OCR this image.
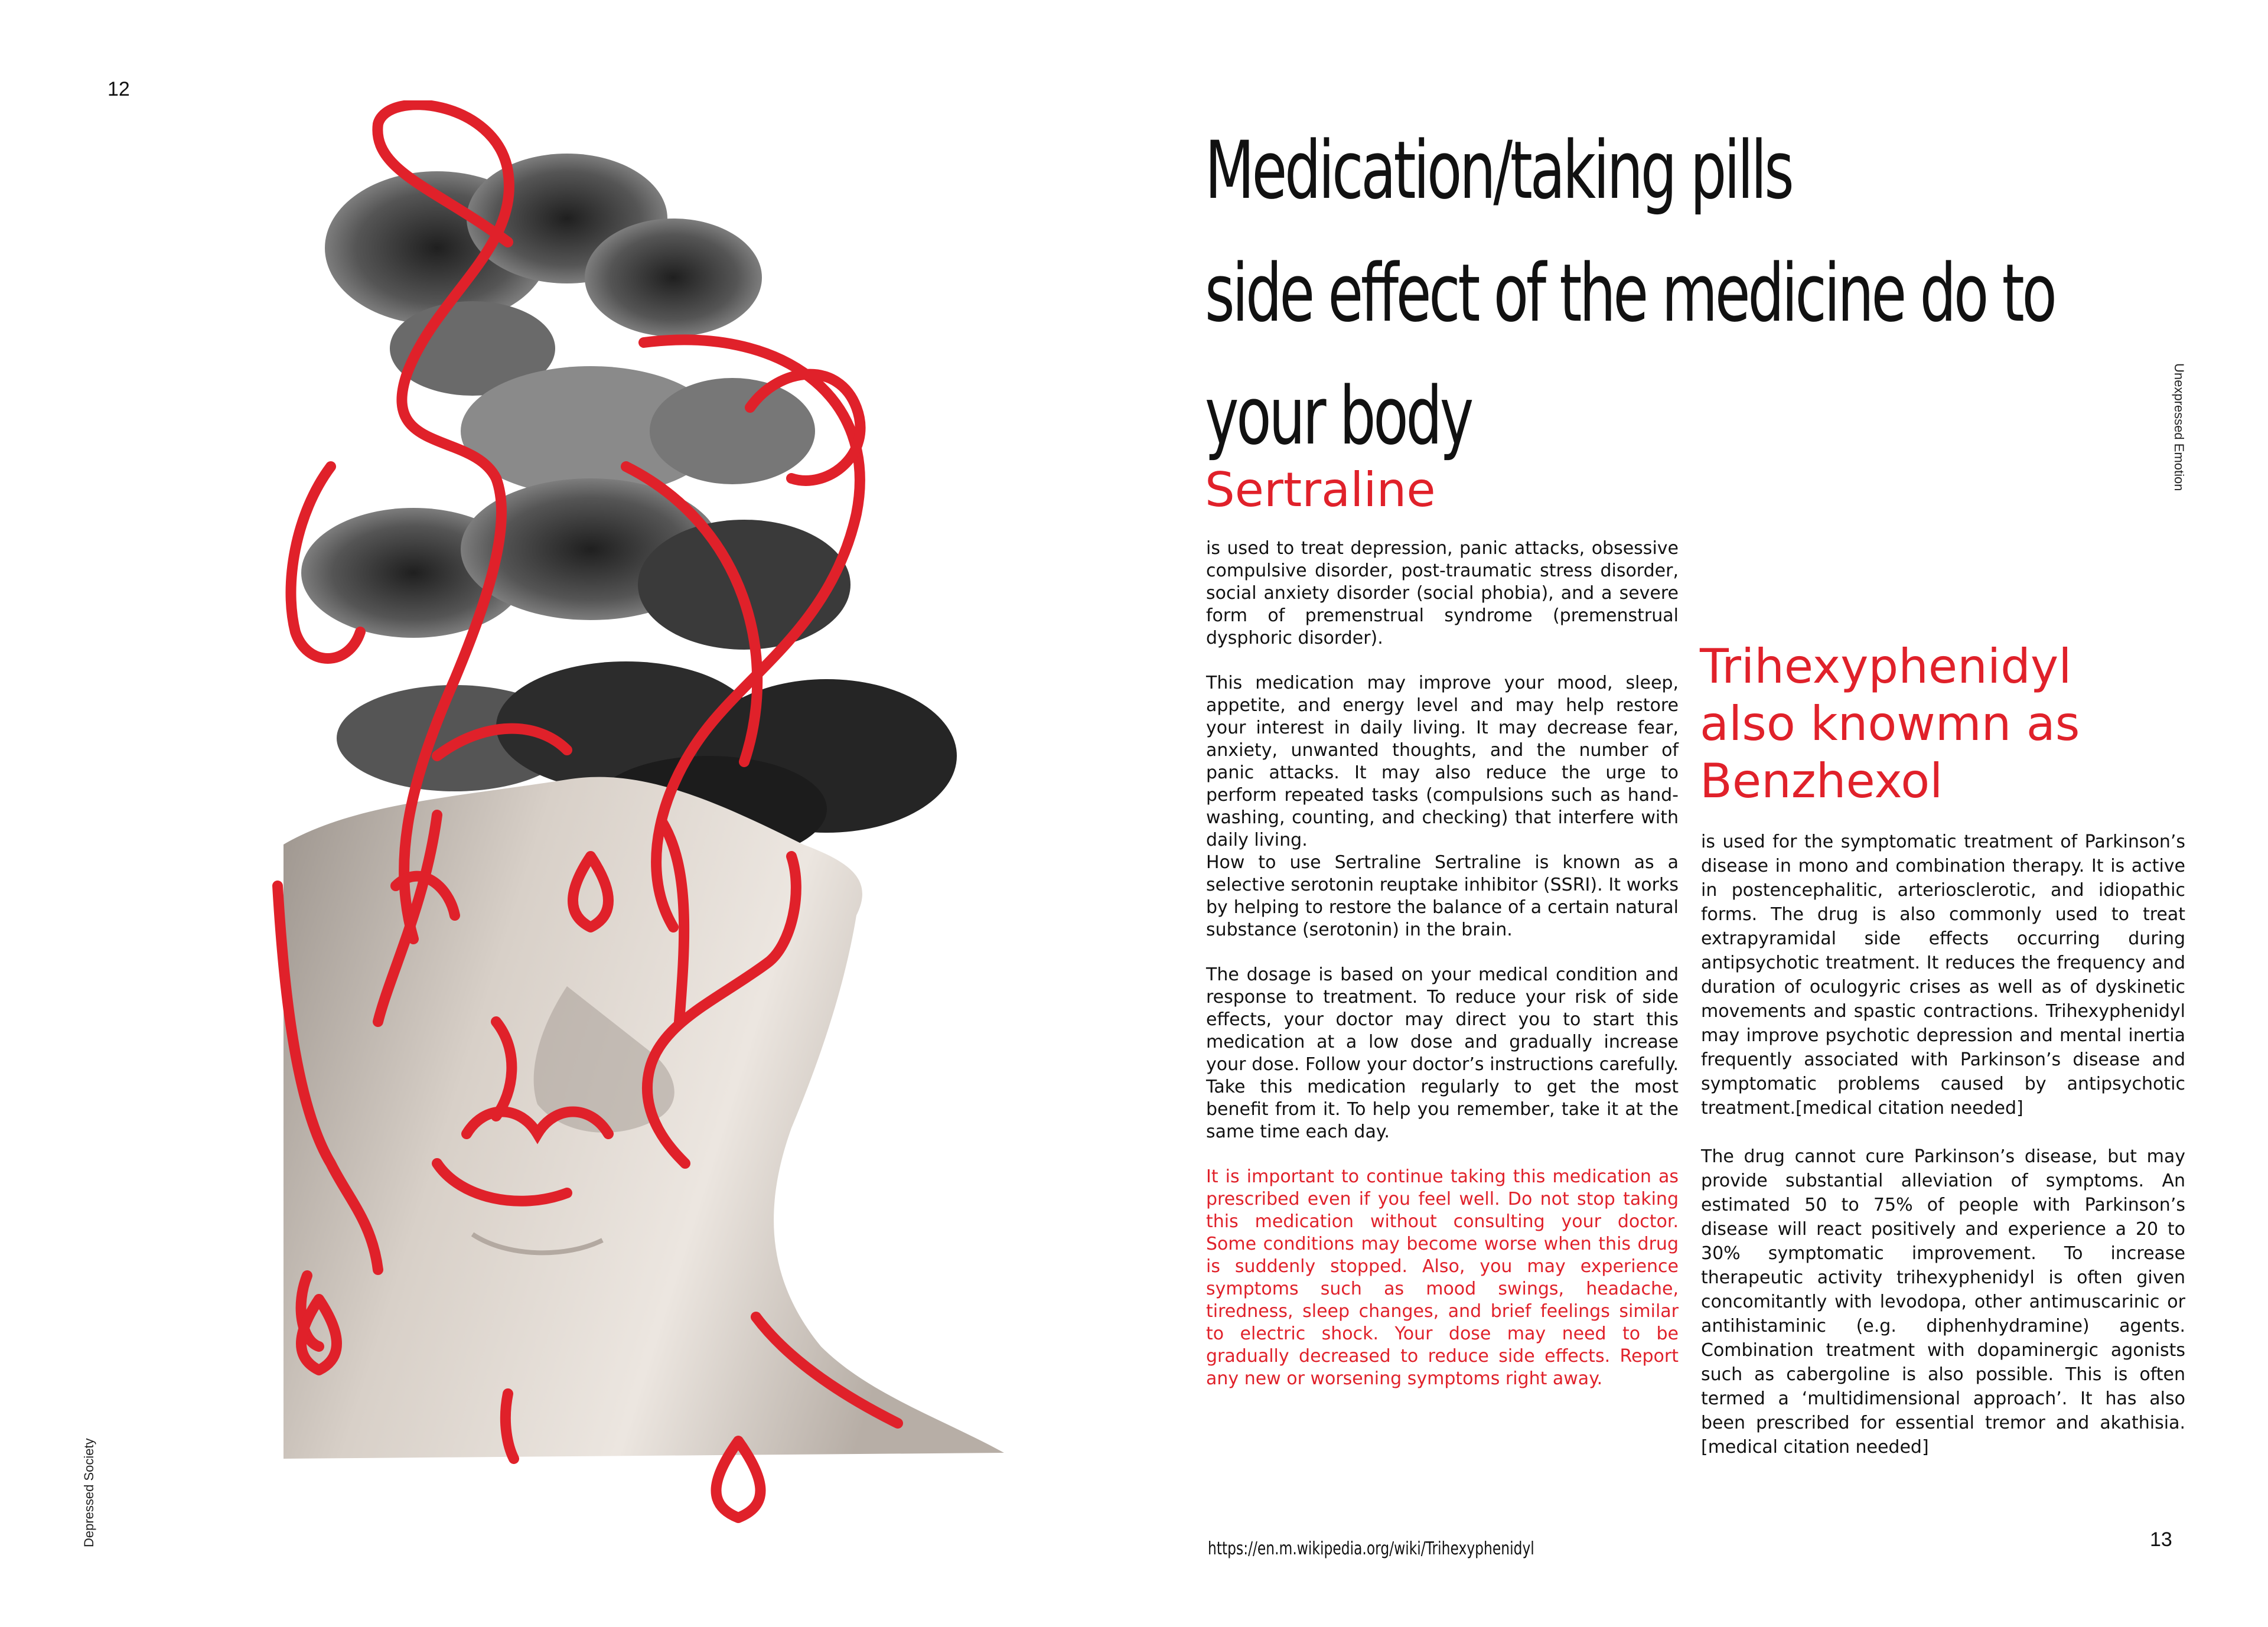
12
Depressed Society
Medication/taking pills
side effect of the medicine do to
your body	Unexpressed Emotion
Sertraline

is used to treat depression, panic attacks, obsessive compulsive disorder, post-traumatic stress disorder, social anxiety disorder (social phobia), and a severe form of premenstrual syndrome (premenstrual dysphoric disorder).

This medication may improve your mood, sleep, appetite, and energy level and may help restore your interest in daily living. It may decrease fear, anxiety, unwanted thoughts, and the number of panic attacks. It may also reduce the urge to perform repeated tasks (compulsions such as hand-washing, counting, and checking) that interfere with daily living.
How to use Sertraline Sertraline is known as a selective serotonin reuptake inhibitor (SSRI). It works by helping to restore the balance of a certain natural substance (serotonin) in the brain.

The dosage is based on your medical condition and response to treatment. To reduce your risk of side effects, your doctor may direct you to start this medication at a low dose and gradually increase your dose. Follow your doctor’s instructions carefully. Take this medication regularly to get the most benefit from it. To help you remember, take it at the same time each day.

It is important to continue taking this medication as prescribed even if you feel well. Do not stop taking this medication without consulting your doctor. Some conditions may become worse when this drug is suddenly stopped. Also, you may experience symptoms such as mood swings, headache, tiredness, sleep changes, and brief feelings similar to electric shock. Your dose may need to be gradually decreased to reduce side effects. Report any new or worsening symptoms right away.

Trihexyphenidyl
also knowmn as
Benzhexol

is used for the symptomatic treatment of Parkinson’s disease in mono and combination therapy. It is active in postencephalitic, arteriosclerotic, and idiopathic forms. The drug is also commonly used to treat extrapyramidal side effects occurring during antipsychotic treatment. It reduces the frequency and duration of oculogyric crises as well as of dyskinetic movements and spastic contractions. Trihexyphenidyl may improve psychotic depression and mental inertia frequently associated with Parkinson’s disease and symptomatic problems caused by antipsychotic treatment.[medical citation needed]

The drug cannot cure Parkinson’s disease, but may provide substantial alleviation of symptoms. An estimated 50 to 75% of people with Parkinson’s disease will react positively and experience a 20 to 30% symptomatic improvement. To increase therapeutic activity trihexyphenidyl is often given concomitantly with levodopa, other antimuscarinic or antihistaminic (e.g. diphenhydramine) agents. Combination treatment with dopaminergic agonists such as cabergoline is also possible. This is often termed a ‘multidimensional approach’. It has also been prescribed for essential tremor and akathisia.[medical citation needed]

https://en.m.wikipedia.org/wiki/Trihexyphenidyl	13
